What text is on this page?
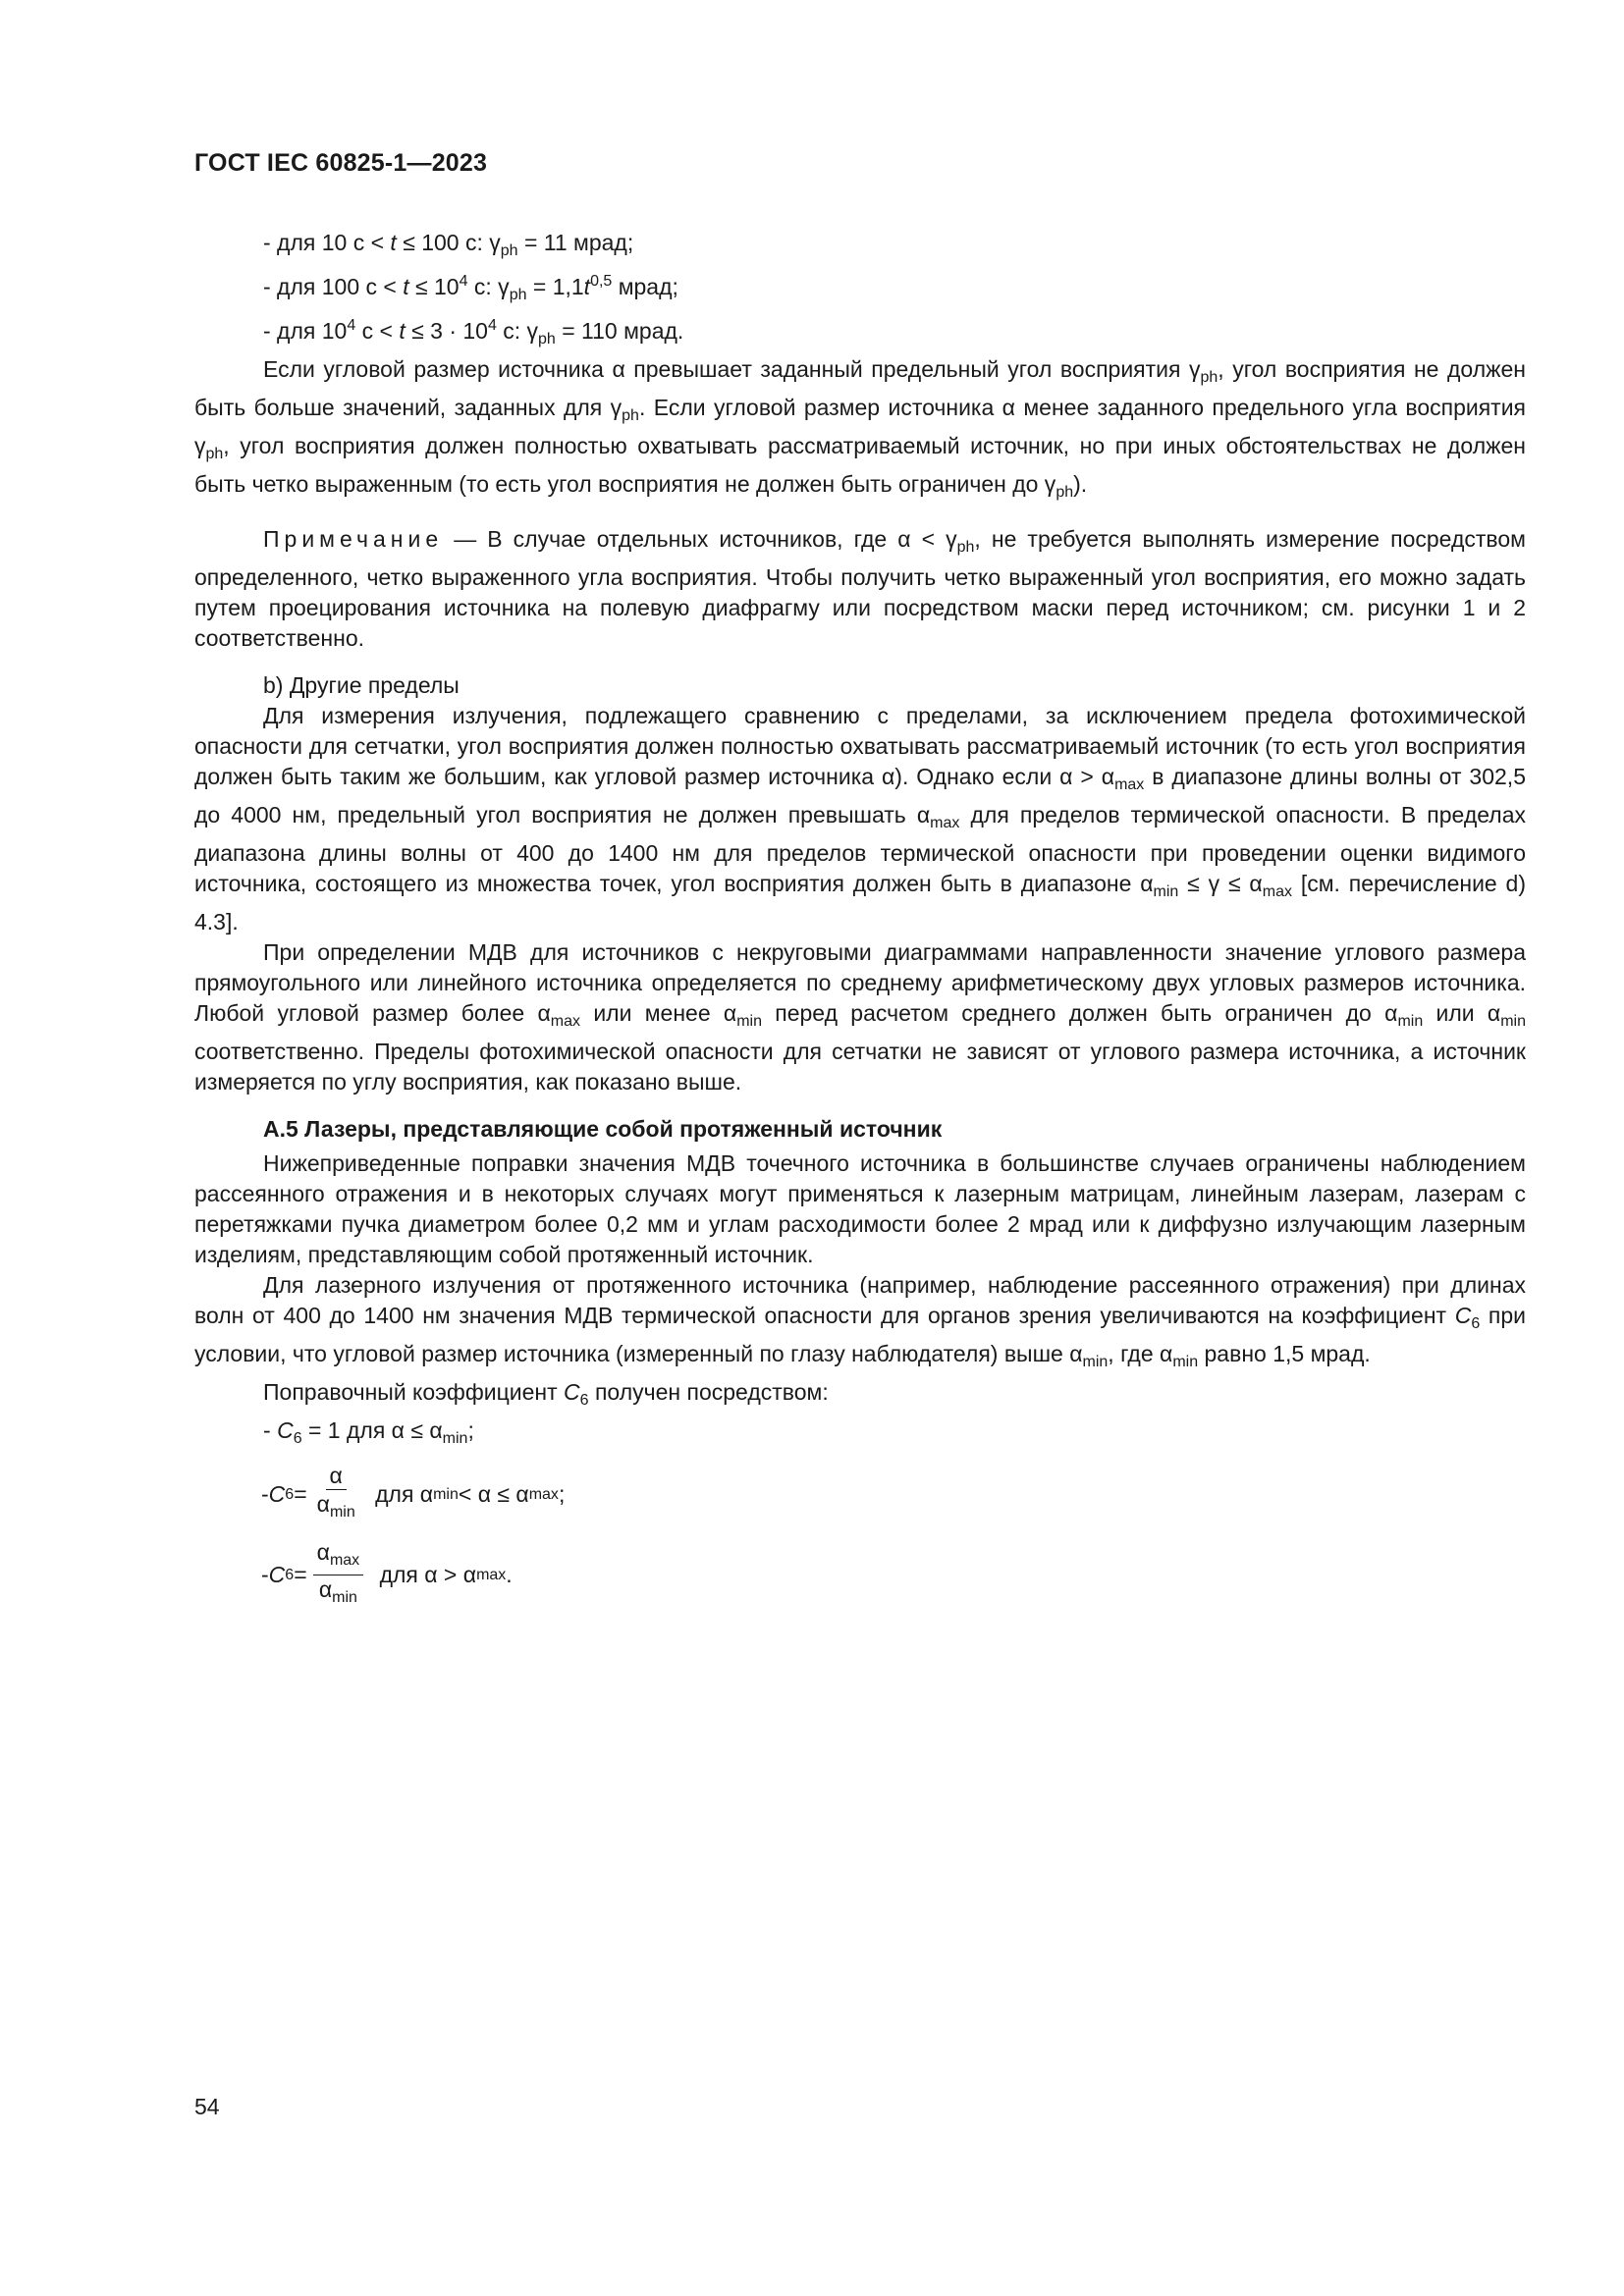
ГОСТ IEC 60825-1—2023

- для 10 с < t ≤ 100 с: $\gamma_{ph} = 11$ мрад;

- для 100 $с < t \le 10^4$ с: $\gamma_{ph} = 1,1t^{0,5}$ мрад;

- для $10^4$ $с < t \le 3 \cdot 10^4$ с: $\gamma_{ph} = 110$ мрад.

Если угловой размер источника α превышает заданный предельный угол восприятия $\gamma_{ph}$, угол восприятия не должен быть больше значений, заданных для $\gamma_{ph}$. Если угловой размер источника α менее заданного предельного угла восприятия $\gamma_{ph}$, угол восприятия должен полностью охватывать рассматриваемый источник, но при иных обстоятельствах не должен быть четко выраженным (то есть угол восприятия не должен быть ограничен до $\gamma_{ph}$).

Примечание — В случае отдельных источников, где $\alpha < \gamma_{ph}$, не требуется выполнять измерение посредством определенного, четко выраженного угла восприятия. Чтобы получить четко выраженный угол восприятия, его можно задать путем проецирования источника на полевую диафрагму или посредством маски перед источником; см. рисунки 1 и 2 соответственно.

b) Другие пределы

Для измерения излучения, подлежащего сравнению с пределами, за исключением предела фотохимической опасности для сетчатки, угол восприятия должен полностью охватывать рассматриваемый источник (то есть угол восприятия должен быть таким же большим, как угловой размер источника α). Однако если $\alpha > \alpha_{max}$ в диапазоне длины волны от 302,5 до 4000 нм, предельный угол восприятия не должен превышать $\alpha_{max}$ для пределов термической опасности. В пределах диапазона длины волны от 400 до 1400 нм для пределов термической опасности при проведении оценки видимого источника, состоящего из множества точек, угол восприятия должен быть в диапазоне $\alpha_{min} \le \gamma \le \alpha_{max}$ [см. перечисление d) 4.3].

При определении МДВ для источников с некруговыми диаграммами направленности значение углового размера прямоугольного или линейного источника определяется по среднему арифметическому двух угловых размеров источника. Любой угловой размер более $\alpha_{max}$ или менее $\alpha_{min}$ перед расчетом среднего должен быть ограничен до $\alpha_{min}$ или $\alpha_{min}$ соответственно. Пределы фотохимической опасности для сетчатки не зависят от углового размера источника, а источник измеряется по углу восприятия, как показано выше.

А.5 Лазеры, представляющие собой протяженный источник

Нижеприведенные поправки значения МДВ точечного источника в большинстве случаев ограничены наблюдением рассеянного отражения и в некоторых случаях могут применяться к лазерным матрицам, линейным лазерам, лазерам с перетяжками пучка диаметром более 0,2 мм и углам расходимости более 2 мрад или к диффузно излучающим лазерным изделиям, представляющим собой протяженный источник.

Для лазерного излучения от протяженного источника (например, наблюдение рассеянного отражения) при длинах волн от 400 до 1400 нм значения МДВ термической опасности для органов зрения увеличиваются на коэффициент $C_6$ при условии, что угловой размер источника (измеренный по глазу наблюдателя) выше $\alpha_{min}$, где $\alpha_{min}$ равно 1,5 мрад.

Поправочный коэффициент $C_6$ получен посредством:

- $C_6 = 1$ для $\alpha \le \alpha_{min}$;

- C $6 = \frac{\alpha}{\alpha_{min}}$
для α min < α ≤ α max ;
- C $6 = \frac{\alpha_{max}}{\alpha_{min}}$
для α > α max .
54
